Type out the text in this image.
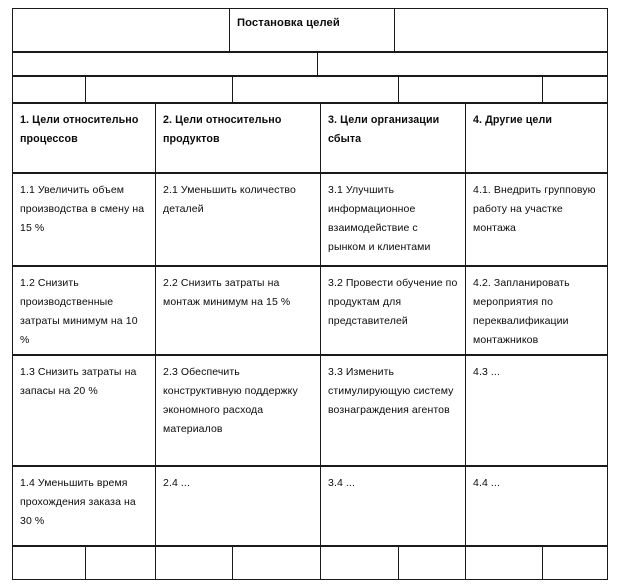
Постановка целей
1. Цели относительно процессов
2. Цели относительно продуктов
3. Цели организации сбыта
4. Другие цели
1.1 Увеличить объем производства в смену на 15 %
2.1 Уменьшить количество деталей
3.1 Улучшить информационное взаимодействие с рынком и клиентами
4.1. Внедрить групповую работу на участке монтажа
1.2 Снизить производственные затраты минимум на 10 %
2.2 Снизить затраты на монтаж минимум на 15 %
3.2 Провести обучение по продуктам для представителей
4.2. Запланировать мероприятия по переквалификации монтажников
1.3 Снизить затраты на запасы на 20 %
2.3 Обеспечить конструктивную поддержку экономного расхода материалов
3.3 Изменить стимулирующую систему вознаграждения агентов
4.3 ...
1.4 Уменьшить время прохождения заказа на 30 %
2.4 ...	3.4 ...	4.4 ...
